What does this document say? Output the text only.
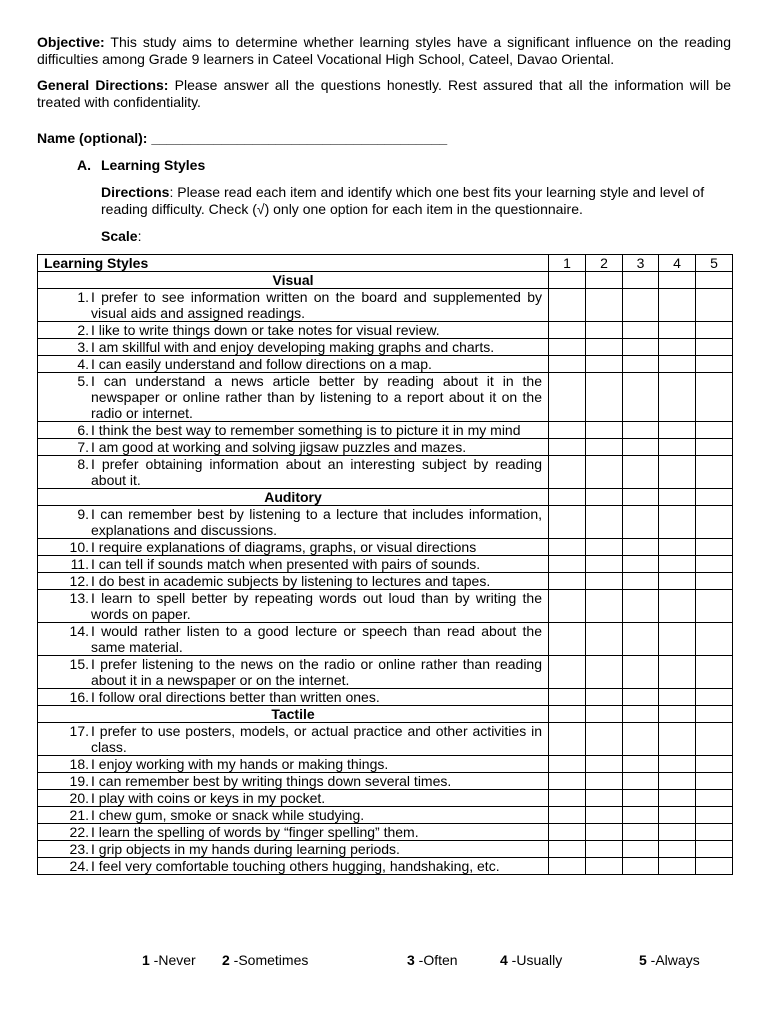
Objective: This study aims to determine whether learning styles have a significant influence on the reading difficulties among Grade 9 learners in Cateel Vocational High School, Cateel, Davao Oriental.

General Directions: Please answer all the questions honestly. Rest assured that all the information will be treated with confidentiality.

Name (optional): ______________________________________
A. Learning Styles
Directions: Please read each item and identify which one best fits your learning style and level of reading difficulty. Check (√) only one option for each item in the questionnaire.
Scale:
Learning Styles	1	2	3	4	5
Visual					

1. I prefer to see information written on the board and supplemented by visual aids and assigned readings.					

2. I like to write things down or take notes for visual review.					

3. I am skillful with and enjoy developing making graphs and charts.					

4. I can easily understand and follow directions on a map.					

5. I can understand a news article better by reading about it in the newspaper or online rather than by listening to a report about it on the radio or internet.					

6. I think the best way to remember something is to picture it in my mind					

7. I am good at working and solving jigsaw puzzles and mazes.					

8. I prefer obtaining information about an interesting subject by reading about it.					

Auditory					

9. I can remember best by listening to a lecture that includes information, explanations and discussions.					

10. I require explanations of diagrams, graphs, or visual directions					

11. I can tell if sounds match when presented with pairs of sounds.					

12. I do best in academic subjects by listening to lectures and tapes.					

13. I learn to spell better by repeating words out loud than by writing the words on paper.					

14. I would rather listen to a good lecture or speech than read about the same material.					

15. I prefer listening to the news on the radio or online rather than reading about it in a newspaper or on the internet.					

16. I follow oral directions better than written ones.					

Tactile					

17. I prefer to use posters, models, or actual practice and other activities in class.					

18. I enjoy working with my hands or making things.					

19. I can remember best by writing things down several times.					

20. I play with coins or keys in my pocket.					

21. I chew gum, smoke or snack while studying.					

22. I learn the spelling of words by “finger spelling” them.					

23. I grip objects in my hands during learning periods.					

24. I feel very comfortable touching others hugging, handshaking, etc.					

1 -Never 2 -Sometimes	3 -Often	4 -Usually	5 -Always
